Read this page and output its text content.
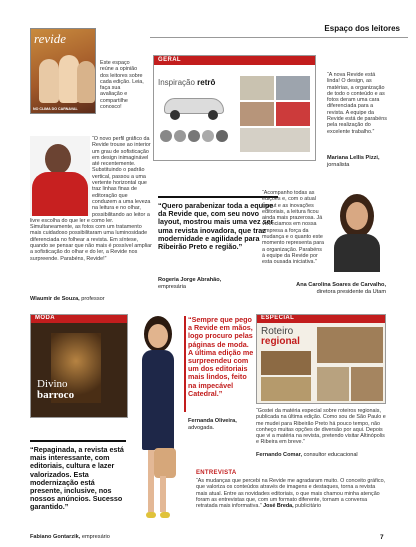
Espaço dos leitores
revide
NO CLIMA DO CARNAVAL
Este espaço reúne a opinião dos leitores sobre cada edição. Leia, faça sua avaliação e compartilhe conosco!
“O novo perfil gráfico da Revide trouxe ao interior um grau de sofisticação em design inimaginável até recentemente. Substituindo o padrão vertical, passou a uma vertente horizontal que traz linhas finas de editoração que conduzem a uma leveza na leitura e no olhar, possibilitando ao leitor a livre escolha do que ler e como ler. Simultaneamente, as fotos com um tratamento mais cuidadoso possibilitaram uma luminosidade diferenciada no folhear a revista. Em síntese, quando se pensar que não mais é possível ampliar a sofisticação do olhar e do ler, a Revide nos surpreende. Parabéns, Revide!”
Wlaumir de Souza, professor
GERAL
Inspiração retrô
“A nova Revide está linda! O design, as matérias, a organização de todo o conteúdo e as fotos deram uma cara diferenciada para a revista. A equipe da Revide está de parabéns pela realização do excelente trabalho.”
Mariana Lellis Pizzi, jornalista
“Quero parabenizar toda a equipe da Revide que, com seu novo layout, mostrou mais uma vez ser uma revista inovadora, que traz modernidade e agilidade para Ribeirão Preto e região.”
Rogeria Jorge Abrahão,
empresária
“Acompanho todas as edições e, com o atual layout e as inovações editoriais, a leitura ficou ainda mais prazerosa. Já vivenciamos em nossa empresa a força da mudança e o quanto este momento representa para a organização. Parabéns à equipe da Revide por esta ousada iniciativa.”
Ana Carolina Soares de Carvalho,
diretora presidente da Utam
MODA
Divino
barroco
“Sempre que pego a Revide em mãos, logo procuro pelas páginas de moda. A última edição me surpreendeu com um dos editoriais mais lindos, feito na impecável Catedral.”
Fernanda Oliveira,
advogada.
ESPECIAL
Roteiro
regional
“Gostei da matéria especial sobre roteiros regionais, publicada na última edição. Como sou de São Paulo e me mudei para Ribeirão Preto há pouco tempo, não conheço muitas opções de diversão por aqui. Depois que vi a matéria na revista, pretendo visitar Altinópolis e Ribeira em breve.”
Fernando Comar, consultor educacional
“Repaginada, a revista está mais interessante, com editoriais, cultura e lazer valorizados. Esta modernização está presente, inclusive, nos nossos anúncios. Sucesso garantido.”
Fabiano Gontarzik, empresário
ENTREVISTA
“As mudanças que percebi na Revide me agradaram muito. O conceito gráfico, que valoriza os conteúdos através de imagens e destaques, torna a revista mais atual. Entre as novidades editoriais, o que mais chamou minha atenção foram as entrevistas que, com um formato diferente, tornam a conversa retratada mais informativa.” José Breda, publicitário
7
